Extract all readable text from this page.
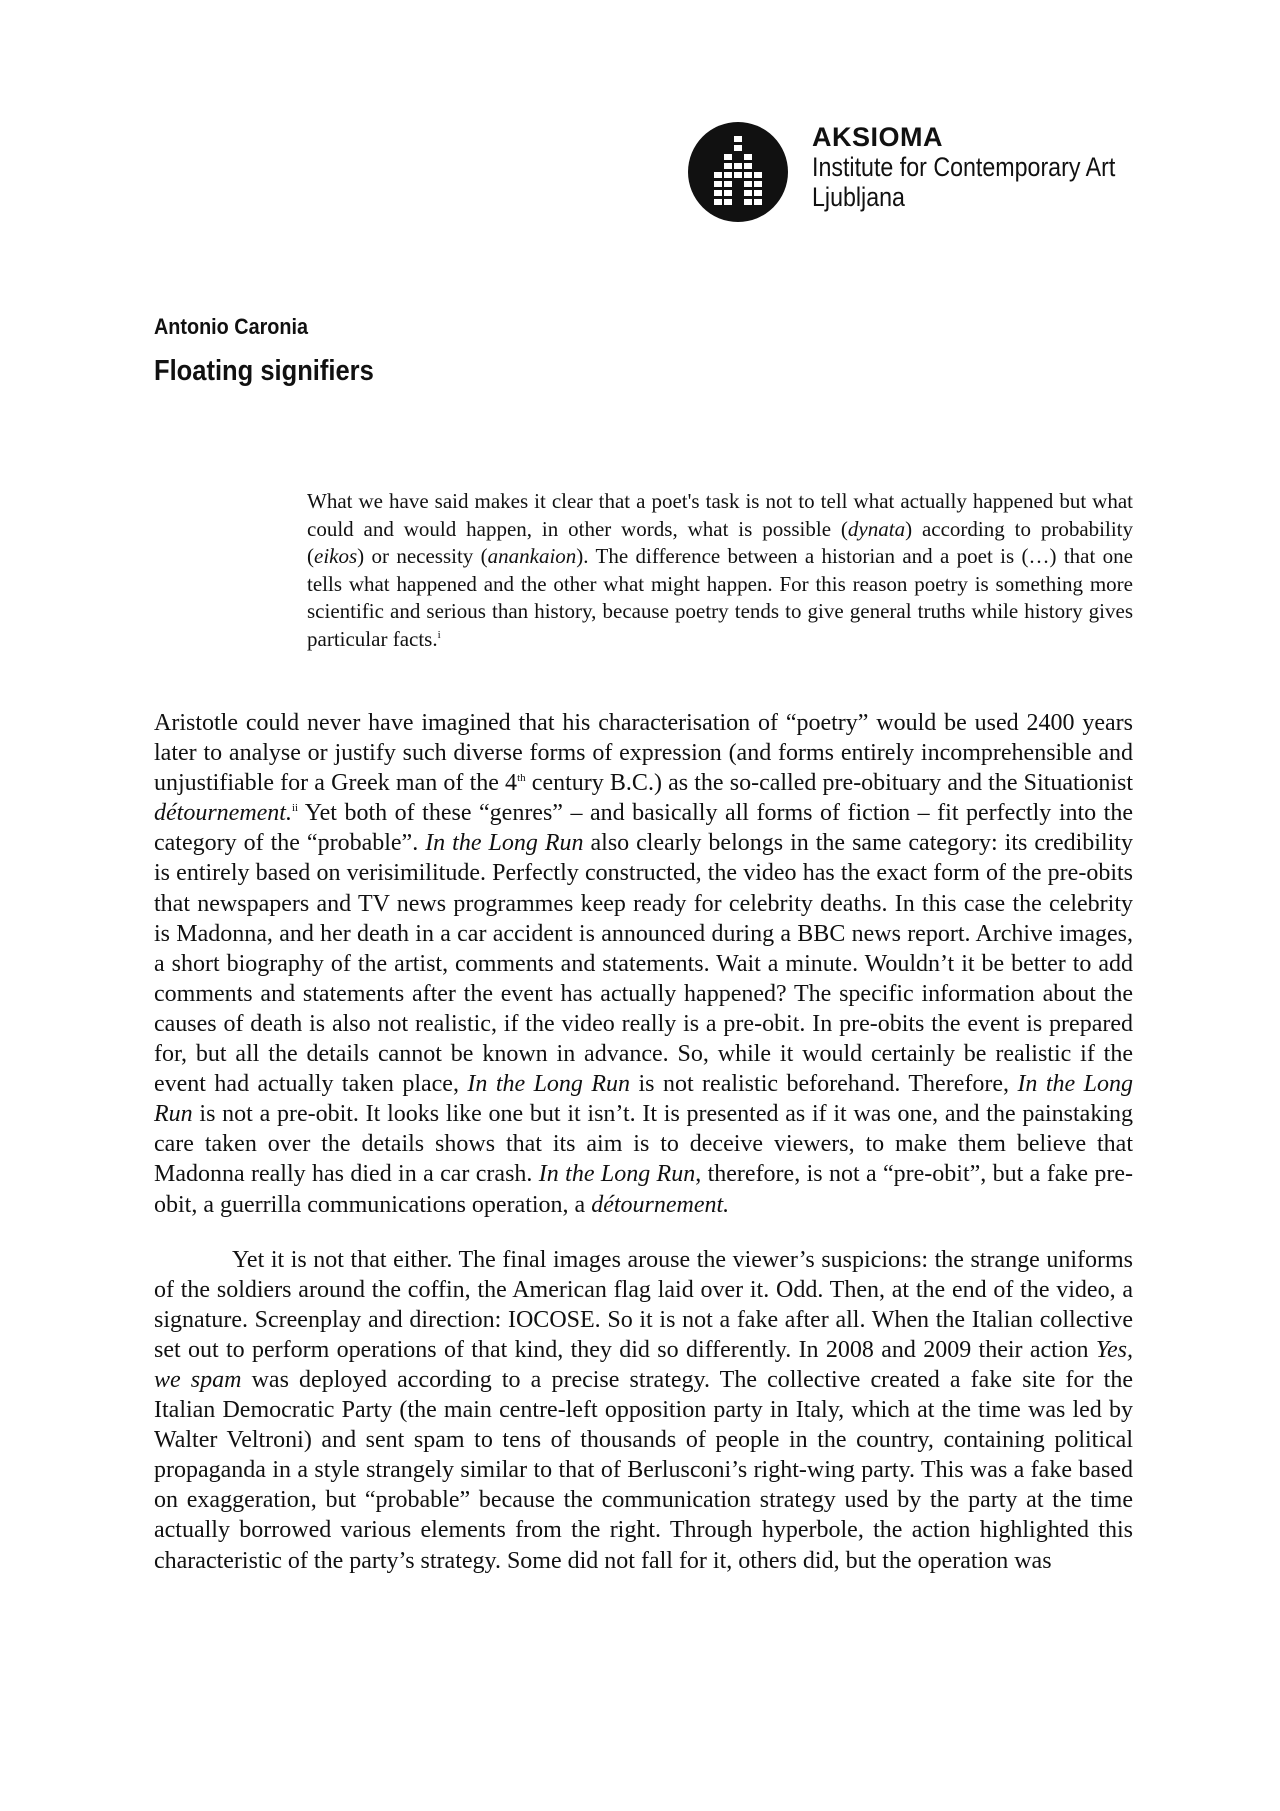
AKSIOMA
Institute for Contemporary Art
Ljubljana
Antonio Caronia
Floating signifiers
What we have said makes it clear that a poet's task is not to tell what actually happened but what could and would happen, in other words, what is possible (dynata) according to probability (eikos) or necessity (anankaion). The difference between a historian and a poet is (…) that one tells what happened and the other what might happen. For this reason poetry is something more scientific and serious than history, because poetry tends to give general truths while history gives particular facts.$^i$

Aristotle could never have imagined that his characterisation of “poetry” would be used 2400 years later to analyse or justify such diverse forms of expression (and forms entirely incomprehensible and unjustifiable for a Greek man of the 4th century B.C.) as the so-called pre-obituary and the Situationist détournement.$^{ii}$ Yet both of these “genres” – and basically all forms of fiction – fit perfectly into the category of the “probable”. In the Long Run also clearly belongs in the same category: its credibility is entirely based on verisimilitude. Perfectly constructed, the video has the exact form of the pre-obits that newspapers and TV news programmes keep ready for celebrity deaths. In this case the celebrity is Madonna, and her death in a car accident is announced during a BBC news report. Archive images, a short biography of the artist, comments and statements. Wait a minute. Wouldn’t it be better to add comments and statements after the event has actually happened? The specific information about the causes of death is also not realistic, if the video really is a pre-obit. In pre-obits the event is prepared for, but all the details cannot be known in advance. So, while it would certainly be realistic if the event had actually taken place, In the Long Run is not realistic beforehand. Therefore, In the Long Run is not a pre-obit. It looks like one but it isn’t. It is presented as if it was one, and the painstaking care taken over the details shows that its aim is to deceive viewers, to make them believe that Madonna really has died in a car crash. In the Long Run, therefore, is not a “pre-obit”, but a fake pre-obit, a guerrilla communications operation, a détournement.

Yet it is not that either. The final images arouse the viewer’s suspicions: the strange uniforms of the soldiers around the coffin, the American flag laid over it. Odd. Then, at the end of the video, a signature. Screenplay and direction: IOCOSE. So it is not a fake after all. When the Italian collective set out to perform operations of that kind, they did so differently. In 2008 and 2009 their action Yes, we spam was deployed according to a precise strategy. The collective created a fake site for the Italian Democratic Party (the main centre-left opposition party in Italy, which at the time was led by Walter Veltroni) and sent spam to tens of thousands of people in the country, containing political propaganda in a style strangely similar to that of Berlusconi’s right-wing party. This was a fake based on exaggeration, but “probable” because the communication strategy used by the party at the time actually borrowed various elements from the right. Through hyperbole, the action highlighted this characteristic of the party’s strategy. Some did not fall for it, others did, but the operation was
